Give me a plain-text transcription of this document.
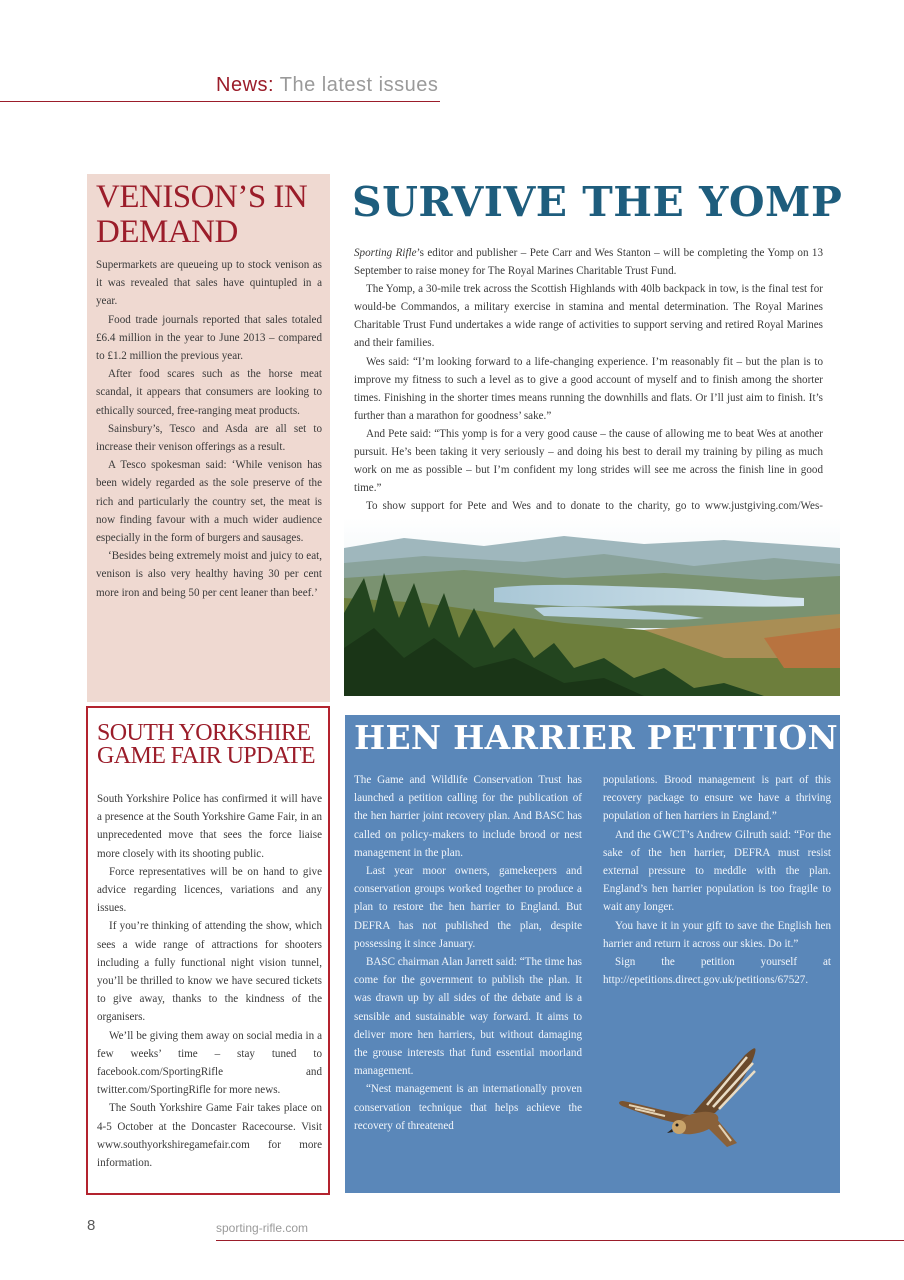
News: The latest issues
VENISON’S IN DEMAND

Supermarkets are queueing up to stock venison as it was revealed that sales have quintupled in a year.

Food trade journals reported that sales totaled £6.4 million in the year to June 2013 – compared to £1.2 million the previous year.

After food scares such as the horse meat scandal, it appears that consumers are looking to ethically sourced, free-ranging meat products.

Sainsbury’s, Tesco and Asda are all set to increase their venison offerings as a result.

A Tesco spokesman said: ‘While venison has been widely regarded as the sole preserve of the rich and particularly the country set, the meat is now finding favour with a much wider audience especially in the form of burgers and sausages.

‘Besides being extremely moist and juicy to eat, venison is also very healthy having 30 per cent more iron and being 50 per cent leaner than beef.’

SURVIVE THE YOMP

Sporting Rifle’s editor and publisher – Pete Carr and Wes Stanton – will be completing the Yomp on 13 September to raise money for The Royal Marines Charitable Trust Fund.

The Yomp, a 30-mile trek across the Scottish Highlands with 40lb backpack in tow, is the final test for would-be Commandos, a military exercise in stamina and mental determination. The Royal Marines Charitable Trust Fund undertakes a wide range of activities to support serving and retired Royal Marines and their families.

Wes said: “I’m looking forward to a life-changing experience. I’m reasonably fit – but the plan is to improve my fitness to such a level as to give a good account of myself and to finish among the shorter times. Finishing in the shorter times means running the downhills and flats. Or I’ll just aim to finish. It’s further than a marathon for goodness’ sake.”

And Pete said: “This yomp is for a very good cause – the cause of allowing me to beat Wes at another pursuit. He’s been taking it very seriously – and doing his best to derail my training by piling as much work on me as possible – but I’m confident my long strides will see me across the finish line in good time.”

To show support for Pete and Wes and to donate to the charity, go to www.justgiving.com/Wes-

SOUTH YORKSHIRE
GAME FAIR UPDATE

South Yorkshire Police has confirmed it will have a presence at the South Yorkshire Game Fair, in an unprecedented move that sees the force liaise more closely with its shooting public.

Force representatives will be on hand to give advice regarding licences, variations and any issues.

If you’re thinking of attending the show, which sees a wide range of attractions for shooters including a fully functional night vision tunnel, you’ll be thrilled to know we have secured tickets to give away, thanks to the kindness of the organisers.

We’ll be giving them away on social media in a few weeks’ time – stay tuned to facebook.com/SportingRifle and twitter.com/SportingRifle for more news.

The South Yorkshire Game Fair takes place on 4-5 October at the Doncaster Racecourse. Visit www.southyorkshiregamefair.com for more information.

HEN HARRIER PETITION

The Game and Wildlife Conservation Trust has launched a petition calling for the publication of the hen harrier joint recovery plan. And BASC has called on policy-makers to include brood or nest management in the plan.

Last year moor owners, gamekeepers and conservation groups worked together to produce a plan to restore the hen harrier to England. But DEFRA has not published the plan, despite possessing it since January.

BASC chairman Alan Jarrett said: “The time has come for the government to publish the plan. It was drawn up by all sides of the debate and is a sensible and sustainable way forward. It aims to deliver more hen harriers, but without damaging the grouse interests that fund essential moorland management.

“Nest management is an internationally proven conservation technique that helps achieve the recovery of threatened

populations. Brood management is part of this recovery package to ensure we have a thriving population of hen harriers in England.”

And the GWCT’s Andrew Gilruth said: “For the sake of the hen harrier, DEFRA must resist external pressure to meddle with the plan. England’s hen harrier population is too fragile to wait any longer.

You have it in your gift to save the English hen harrier and return it across our skies. Do it.”

Sign the petition yourself at http://epetitions.direct.gov.uk/petitions/67527.

8	sporting-rifle.com
